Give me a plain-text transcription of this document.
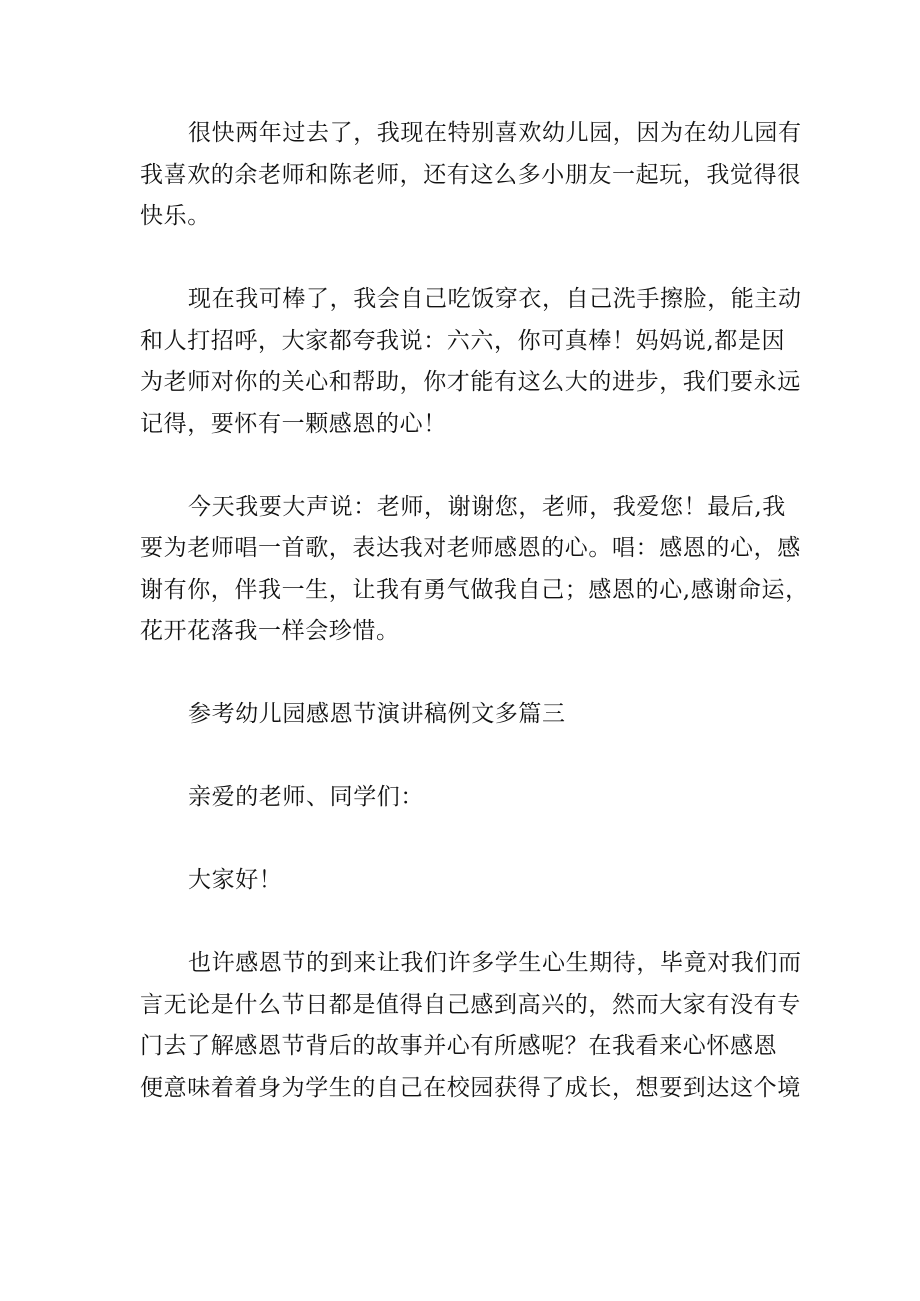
很快两年过去了，我现在特别喜欢幼儿园，因为在幼儿园有
我喜欢的余老师和陈老师，还有这么多小朋友一起玩，我觉得很
快乐。
现在我可棒了，我会自己吃饭穿衣，自己洗手擦脸，能主动
和人打招呼，大家都夸我说：六六，你可真棒！妈妈说,都是因
为老师对你的关心和帮助，你才能有这么大的进步，我们要永远
记得，要怀有一颗感恩的心！
今天我要大声说：老师，谢谢您，老师，我爱您！最后,我
要为老师唱一首歌，表达我对老师感恩的心。唱：感恩的心，感
谢有你，伴我一生，让我有勇气做我自己；感恩的心,感谢命运，
花开花落我一样会珍惜。
参考幼儿园感恩节演讲稿例文多篇三
亲爱的老师、同学们：
大家好！
也许感恩节的到来让我们许多学生心生期待，毕竟对我们而
言无论是什么节日都是值得自己感到高兴的，然而大家有没有专
门去了解感恩节背后的故事并心有所感呢？在我看来心怀感恩
便意味着着身为学生的自己在校园获得了成长，想要到达这个境
